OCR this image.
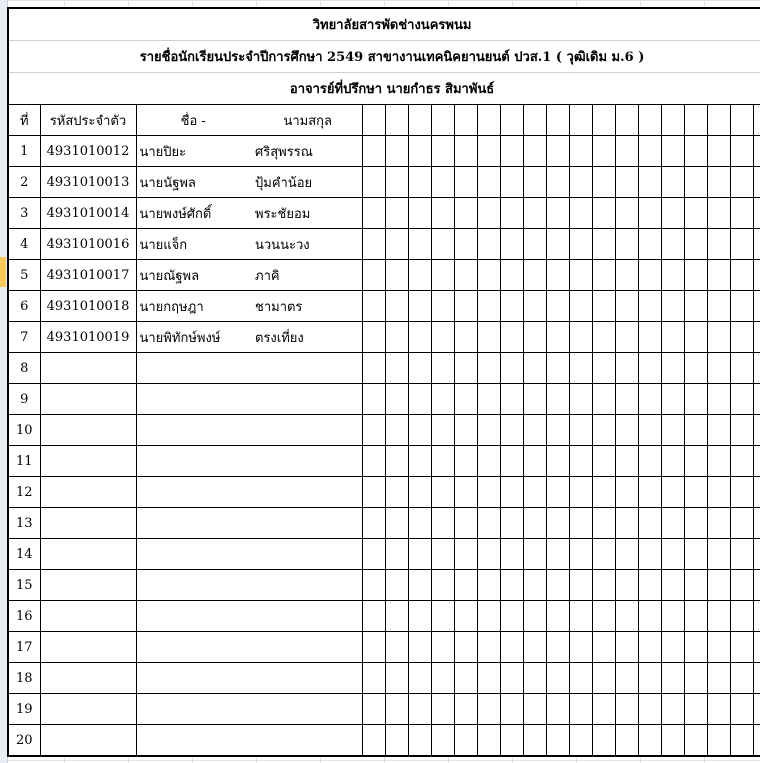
วิทยาลัยสารพัดช่างนครพนม																					
รายชื่อนักเรียนประจำปีการศึกษา 2549 สาขางานเทคนิคยานยนต์ ปวส.1 ( วุฒิเดิม ม.6 )																					
อาจารย์ที่ปรึกษา นายกำธร สิมาพันธ์																					
ที่	รหัสประจำตัว	ชื่อ -	นามสกุล																		
1	4931010012	นายปิยะ	ศริสุพรรณ																		
2	4931010013	นายนัฐพล	ปุ้มคำน้อย																		
3	4931010014	นายพงษ์ศักดิ์	พระชัยอม																		
4	4931010016	นายแจ็ก	นวนนะวง																		
5	4931010017	นายณัฐพล	ภาคิ																		
6	4931010018	นายกฤษฎา	ชามาตร																		
7	4931010019	นายพิทักษ์พงษ์	ตรงเที่ยง																		
8																					
9																					
10																					
11																					
12																					
13																					
14																					
15																					
16																					
17																					
18																					
19																					
20																					
